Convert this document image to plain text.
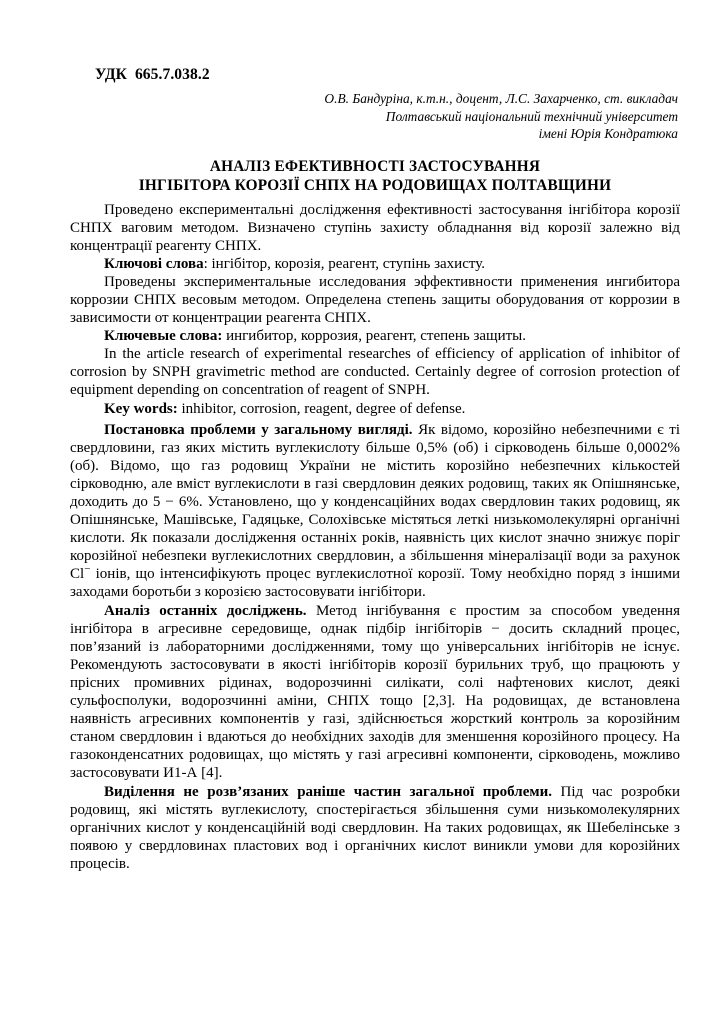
УДК  665.7.038.2
О.В. Бандуріна, к.т.н., доцент, Л.С. Захарченко, ст. викладач
Полтавський національний технічний університет
імені Юрія Кондратюка
АНАЛІЗ ЕФЕКТИВНОСТІ ЗАСТОСУВАННЯ
ІНГІБІТОРА КОРОЗІЇ СНПХ НА РОДОВИЩАХ ПОЛТАВЩИНИ

Проведено експериментальні дослідження ефективності застосування інгібітора корозії СНПХ ваговим методом. Визначено ступінь захисту обладнання від корозії залежно від концентрації реагенту СНПХ.

Ключові слова: інгібітор, корозія, реагент, ступінь захисту.

Проведены экспериментальные исследования эффективности применения ингибитора коррозии СНПХ весовым методом. Определена степень защиты оборудования от коррозии в зависимости от концентрации реагента СНПХ.

Ключевые слова: ингибитор, коррозия, реагент, степень защиты.

In the article research of experimental researches of efficiency of application of inhibitor of corrosion by SNPH gravimetric method are conducted. Certainly degree of corrosion protection of equipment depending on concentration of reagent of SNPH.

Key words: inhibitor, corrosion, reagent, degree of defense.

Постановка проблеми у загальному вигляді. Як відомо, корозійно небезпечними є ті свердловини, газ яких містить вуглекислоту більше 0,5% (об) і сірководень більше 0,0002% (об). Відомо, що газ родовищ України не містить корозійно небезпечних кількостей сірководню, але вміст вуглекислоти в газі свердловин деяких родовищ, таких як Опішнянське, доходить до 5 − 6%. Установлено, що у конденсаційних водах свердловин таких родовищ, як Опішнянське, Машівське, Гадяцьке, Солохівське містяться леткі низькомолекулярні органічні кислоти. Як показали дослідження останніх років, наявність цих кислот значно знижує поріг корозійної небезпеки вуглекислотних свердловин, а збільшення мінералізації води за рахунок Cl− іонів, що інтенсифікують процес вуглекислотної корозії. Тому необхідно поряд з іншими заходами боротьби з корозією застосовувати інгібітори.

Аналіз останніх досліджень. Метод інгібування є простим за способом уведення інгібітора в агресивне середовище, однак підбір інгібіторів − досить складний процес, пов’язаний із лабораторними дослідженнями, тому що універсальних інгібіторів не існує. Рекомендують застосовувати в якості інгібіторів корозії бурильних труб, що працюють у прісних промивних рідинах, водорозчинні силікати, солі нафтенових кислот, деякі сульфосполуки, водорозчинні аміни, СНПХ тощо [2,3]. На родовищах, де встановлена наявність агресивних компонентів у газі, здійснюється жорсткий контроль за корозійним станом свердловин і вдаються до необхідних заходів для зменшення корозійного процесу. На газоконденсатних родовищах, що містять у газі агресивні компоненти, сірководень, можливо застосовувати И1-А [4].

Виділення не розв’язаних раніше частин загальної проблеми. Під час розробки родовищ, які містять вуглекислоту, спостерігається збільшення суми низькомолекулярних органічних кислот у конденсаційній воді свердловин. На таких родовищах, як Шебелінське з появою у свердловинах пластових вод і органічних кислот виникли умови для корозійних процесів.
